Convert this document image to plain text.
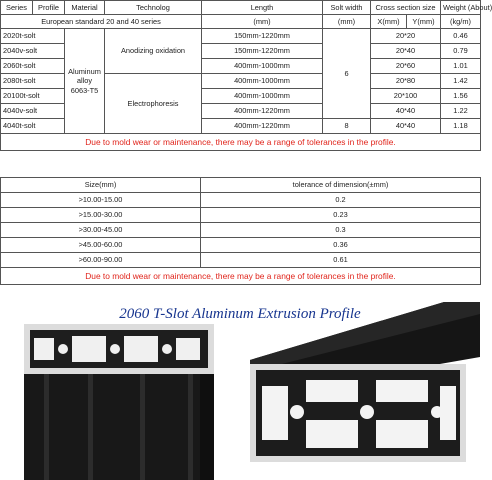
Series	Profile	Material	Technolog	Length	Solt width	Cross section size		Weight (About)
European standard 20 and 40 series				(mm)	(mm)	X(mm)	Y(mm)	(kg/m)
2020t-solt		Aluminum alloy 6063-T5	Anodizing oxidation	150mm-1220mm	6	20*20		0.46
2040v-solt				150mm-1220mm		20*40		0.79
2060t-solt				400mm-1000mm		20*60		1.01
2080t-solt			Electrophoresis	400mm-1000mm		20*80		1.42
20100t-solt				400mm-1000mm		20*100		1.56
4040v-solt				400mm-1220mm		40*40		1.22
4040t-solt				400mm-1220mm	8	40*40		1.18
Due to mold wear or maintenance, there may be a range of tolerances in the profile.								
Size(mm)	tolerance of dimension(±mm)
>10.00-15.00	0.2
>15.00-30.00	0.23
>30.00-45.00	0.3
>45.00-60.00	0.36
>60.00-90.00	0.61
Due to mold wear or maintenance, there may be a range of tolerances in the profile.	
2060 T-Slot Aluminum Extrusion Profile
